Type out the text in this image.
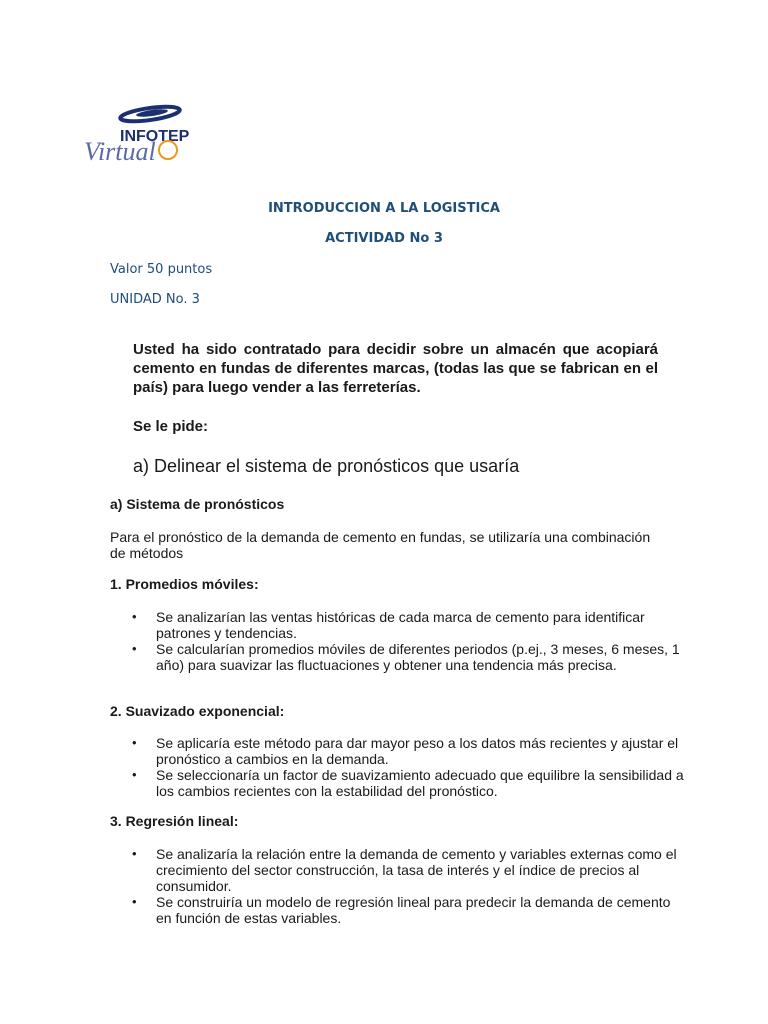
INFOTEP
Virtual
INTRODUCCION A LA LOGISTICA
ACTIVIDAD No 3
Valor 50 puntos
UNIDAD No. 3
Usted ha sido contratado para decidir sobre un almacén que acopiará cemento en fundas de diferentes marcas, (todas las que se fabrican en el país) para luego vender a las ferreterías.
Se le pide:
a) Delinear el sistema de pronósticos que usaría
a) Sistema de pronósticos
Para el pronóstico de la demanda de cemento en fundas, se utilizaría una combinación de métodos
1. Promedios móviles:
• Se analizarían las ventas históricas de cada marca de cemento para identificar patrones y tendencias.
• Se calcularían promedios móviles de diferentes periodos (p.ej., 3 meses, 6 meses, 1 año) para suavizar las fluctuaciones y obtener una tendencia más precisa.
2. Suavizado exponencial:
• Se aplicaría este método para dar mayor peso a los datos más recientes y ajustar el pronóstico a cambios en la demanda.
• Se seleccionaría un factor de suavizamiento adecuado que equilibre la sensibilidad a los cambios recientes con la estabilidad del pronóstico.
3. Regresión lineal:
• Se analizaría la relación entre la demanda de cemento y variables externas como el crecimiento del sector construcción, la tasa de interés y el índice de precios al consumidor.
• Se construiría un modelo de regresión lineal para predecir la demanda de cemento en función de estas variables.
